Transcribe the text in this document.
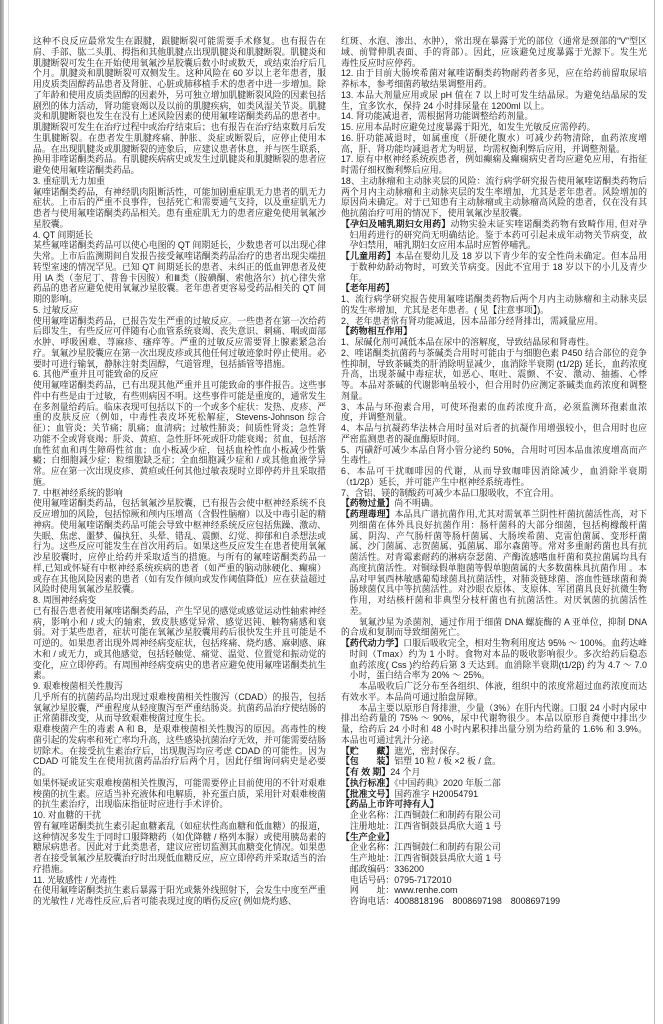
这种不良反应最常发生在跟腱，跟腱断裂可能需要手术修复。也有报告在肩、手部、肱二头肌、拇指和其他肌腱点出现肌腱炎和肌腱断裂。肌腱炎和肌腱断裂可发生在开始使用氧氟沙星胶囊后数小时或数天，或结束治疗后几个月。肌腱炎和肌腱断裂可双侧发生。这种风险在 60 岁以上老年患者，服用皮质类固醇药品患者及肾脏、心脏或肺移植手术的患者中进一步增加。除了年龄和使用皮质类固醇的因素外，另可独立增加肌腱断裂风险的因素包括剧烈的体力活动，肾功能衰竭以及以前的肌腱疾病，如类风湿关节炎。肌腱炎和肌腱断裂也发生在没有上述风险因素的使用氟喹诺酮类药品的患者中。肌腱断裂可发生在治疗过程中或治疗结束后；也有报告在治疗结束数月后发生肌腱断裂。在患者发生肌腱疼痛、肿胀、炎症或断裂后，应停止使用本品。在出现肌腱炎或肌腱断裂的迹象后，应建议患者休息，并与医生联系，换用非喹诺酮类药品。有肌腱疾病病史或发生过肌腱炎和肌腱断裂的患者应避免使用氟喹诺酮类药品。

3. 重症肌无力加重

氟喹诺酮类药品，有神经肌肉阻断活性，可能加剧重症肌无力患者的肌无力症状。上市后的严重不良事件，包括死亡和需要通气支持，以及重症肌无力患者与使用氟喹诺酮类药品相关。患有重症肌无力的患者应避免使用氧氟沙星胶囊。

4. QT 间期延长

某些氟喹诺酮类药品可以使心电图的 QT 间期延长，少数患者可以出现心律失常。上市后监测期间自发报告接受氟喹诺酮类药品治疗的患者出现尖端扭转型室速的情况罕见。已知 QT 间期延长的患者、未纠正的低血钾患者及使用 IA 类（奎尼丁、普鲁卡因胺）和Ⅲ类（胺碘酮、索他洛尔）抗心律失常药品的患者应避免使用氧氟沙星胶囊。老年患者更容易受药品相关的 QT 间期的影响。

5. 过敏反应

使用氟喹诺酮类药品，已报告发生严重的过敏反应。一些患者在第一次给药后即发生，有些反应可伴随有心血管系统衰竭、丧失意识、刺痛、咽或面部水肿、呼吸困难、荨麻疹、瘙痒等。严重的过敏反应需要肾上腺素紧急治疗。氧氟沙星胶囊应在第一次出现皮疹或其他任何过敏迹象时停止使用。必要时可进行输氧，静脉注射类固醇，气道管理，包括插管等措施。

6. 其他严重并且可能致命的反应

使用氟喹诺酮类药品，已有出现其他严重并且可能致命的事件报告。这些事件中有些是由于过敏，有些则病因不明。这些事件可能是重度的，通常发生在多剂量给药后。临床表现可包括以下的一个或多个症状：发热、皮疹、严重的皮肤反应（例如，中毒性表皮坏死松解症，Stevens-Johnson 综合征）；血管炎；关节痛；肌痛；血清病；过敏性肺炎；间质性肾炎；急性肾功能不全或肾衰竭；肝炎、黄疸、急性肝坏死或肝功能衰竭；贫血，包括溶血性贫血和再生障碍性贫血；血小板减少症，包括血栓性血小板减少性紫癜；白细胞减少症；粒细胞缺乏症；全血细胞减少症和 / 或其他血液学异常。应在第一次出现皮疹、黄疸或任何其他过敏表现时立即停药并且采取措施。

7. 中枢神经系统的影响

使用氟喹诺酮类药品，包括氧氟沙星胶囊，已有报告会使中枢神经系统不良反应增加的风险，包括惊厥和颅内压增高（含假性脑瘤）以及中毒引起的精神病。使用氟喹诺酮类药品可能会导致中枢神经系统反应包括焦躁、激动、失眠、焦虑、噩梦、偏执狂、头晕、错乱、震颤、幻觉、抑郁和自杀想法或行为。这些反应可能发生在首次用药后。如果这些反应发生在患者使用氧氟沙星胶囊时，应停止给药并采取适当的措施。与所有的氟喹诺酮类药品一样,已知或怀疑有中枢神经系统疾病的患者（如严重的脑动脉硬化、癫痫）或存在其他风险因素的患者（如有发作倾向或发作阈值降低）应在获益超过风险时使用氧氟沙星胶囊。

8. 周围神经病变

已有报告患者使用氟喹诺酮类药品，产生罕见的感觉或感觉运动性轴索神经病，影响小和 / 或大的轴索，致皮肤感觉异常、感觉迟钝、触物痛感和衰弱。对于某些患者，症状可能在氧氟沙星胶囊用药后很快发生并且可能是不可逆的。如果患者出现外周神经病变症状，包括疼痛、烧灼感、麻刺感、麻木和 / 或无力，或其他感觉，包括轻触觉、痛觉、温觉、位置觉和振动觉的变化，应立即停药。有周围神经病变病史的患者应避免使用氟喹诺酮类抗生素。

9. 艰难梭菌相关性腹泻

几乎所有的抗菌药品均出现过艰难梭菌相关性腹泻（CDAD）的报告，包括氧氟沙星胶囊，严重程度从轻度腹泻至严重结肠炎。抗菌药品治疗使结肠的正常菌群改变，从而导致艰难梭菌过度生长。

艰难梭菌产生的毒素 A 和 B，是艰难梭菌相关性腹泻的原因。高毒性的梭菌引起的发病率和死亡率均升高，这些感染抗菌治疗无效，并可能需要结肠切除术。在接受抗生素治疗后，出现腹泻均应考虑 CDAD 的可能性。因为 CDAD 可能发生在使用抗菌药品治疗后两个月，因此仔细询问病史是必要的。

如果怀疑或证实艰难梭菌相关性腹泻，可能需要停止目前使用的不针对艰难梭菌的抗生素。应适当补充液体和电解质，补充蛋白质，采用针对艰难梭菌的抗生素治疗，出现临床指征时应进行手术评价。

10. 对血糖的干扰

曾有氟喹诺酮类抗生素引起血糖紊乱（如症状性高血糖和低血糖）的报道，这种情况多发生于同时口服降糖药（如优降糖 / 格列本脲）或使用胰岛素的糖尿病患者。因此对于此类患者，建议应密切监测其血糖变化情况。如果患者在接受氧氟沙星胶囊治疗时出现低血糖反应，应立即停药并采取适当的治疗措施。

11. 光敏感性 / 光毒性

在使用氟喹诺酮类抗生素后暴露于阳光或紫外线照射下，会发生中度至严重的光敏性 / 光毒性反应,后者可能表现过度的晒伤反应( 例如烧灼感、

红斑、水泡、渗出、水肿），常出现在暴露于光的部位（通常是颈部的“V”型区域、前臂伸肌表面、手的背部）。因此，应该避免过度暴露于光源下。发生光毒性反应时应停药。

12. 由于目前大肠埃希菌对氟喹诺酮类药物耐药者多见，应在给药前留取尿培养标本，参考细菌药敏结果调整用药。

13. 本品大剂量应用或尿 pH 值在 7 以上时可发生结晶尿。为避免结晶尿的发生，宜多饮水，保持 24 小时排尿量在 1200ml 以上。

14. 肾功能减退者，需根据肾功能调整给药剂量。

15. 应用本品时应避免过度暴露于阳光，如发生光敏反应需停药。

16. 肝功能减退时，如属重度（肝硬化腹水）可减少药物清除，血药浓度增高，肝、肾功能均减退者尤为明显，均需权衡利弊后应用，并调整剂量。

17. 原有中枢神经系统疾患者，例如癫痫及癫痫病史者均应避免应用，有指征时需仔细权衡利弊后应用。

18、主动脉瘤和主动脉夹层的风险：流行病学研究报告使用氟喹诺酮类药物后两个月内主动脉瘤和主动脉夹层的发生率增加，尤其是老年患者。风险增加的原因尚未确定。对于已知患有主动脉瘤或主动脉瘤高风险的患者，仅在没有其他抗菌治疗可用的情况下，使用氧氟沙星胶囊。

【孕妇及哺乳期妇女用药】动物实验未证实喹诺酮类药物有致畸作用, 但对孕妇用药进行的研究尚无明确结论。鉴于本药可引起未成年动物关节病变，故孕妇禁用，哺乳期妇女应用本品时应暂停哺乳。

【儿童用药】本品在婴幼儿及 18 岁以下青少年的安全性尚未确定。但本品用于数种幼龄动物时，可致关节病变。因此不宜用于 18 岁以下的小儿及青少年。

【老年用药】

1、流行病学研究报告使用氟喹诺酮类药物后两个月内主动脉瘤和主动脉夹层的发生率增加，尤其是老年患者。( 见【注意事项】)。

2、老年患者常有肾功能减退，因本品部分经肾排出，需减量应用。

【药物相互作用】

1、尿碱化剂可减低本品在尿中的溶解度，导致结晶尿和肾毒性。

2、喹诺酮类抗菌药与茶碱类合用时可能由于与细胞色素 P450 结合部位的竞争性抑制，导致茶碱类的肝消除明显减少，血消除半衰期 (t1/2β) 延长，血药浓度升高，出现茶碱中毒症状，如恶心、呕吐、震颤、不安、激动、抽搐、心悸等。本品对茶碱的代谢影响虽较小，但合用时仍应测定茶碱类血药浓度和调整剂量。

3、本品与环孢素合用，可使环孢素的血药浓度升高，必须监测环孢素血浓度，并调整剂量。

4、本品与抗凝药华法林合用时虽对后者的抗凝作用增强较小，但合用时也应严密监测患者的凝血酶原时间。

5、丙磺舒可减少本品自肾小管分泌约 50%，合用时可因本品血浓度增高而产生毒性。

6、本品可干扰咖啡因的代谢，从而导致咖啡因消除减少，血消除半衰期（t1/2β）延长，并可能产生中枢神经系统毒性。

7、含铝、镁的制酸药可减少本品口服吸收，不宜合用。

【药物过量】尚不明确。

【药理毒理】本品具广谱抗菌作用,尤其对需氧革兰阴性杆菌抗菌活性高，对下列细菌在体外具良好抗菌作用：肠杆菌科的大部分细菌，包括枸橼酸杆菌属、阴沟、产气肠杆菌等肠杆菌属、大肠埃希菌、克雷伯菌属、变形杆菌属、沙门菌属、志贺菌属、弧菌属、耶尔森菌等。常对多重耐药菌也具有抗菌活性。对青霉素耐药的淋病奈瑟菌、产酶流感嗜血杆菌和莫拉菌属均具有高度抗菌活性。对铜绿假单胞菌等假单胞菌属的大多数菌株具抗菌作用 。本品对甲氧西林敏感葡萄球菌具抗菌活性，对肺炎链球菌、溶血性链球菌和粪肠球菌仅具中等抗菌活性。对沙眼衣原体、支原体、军团菌具良好抗微生物作用，对结核杆菌和非典型分枝杆菌也有抗菌活性。对厌氧菌的抗菌活性差。

氧氟沙星为杀菌剂，通过作用于细菌 DNA 螺旋酶的 A 亚单位，抑制 DNA 的合成和复制而导致细菌死亡。

【药代动力学】口服后吸收完全，相对生物利用度达 95% ～ 100%。血药达峰时间（Tmax）约为 1 小时。食物对本品的吸收影响很少。多次给药后稳态血药浓度( Css )约给药后第 3 天达到。血消除半衰期(t1/2β) 约为 4.7 ～ 7.0 小时，蛋白结合率为 20% ～ 25%。

本品吸收后广泛分布至各组织、体液，组织中的浓度常超过血药浓度而达有效水平。本品尚可通过胎盘屏障。

本品主要以原形自肾排泄，少量（3%）在肝内代谢。口服 24 小时内尿中排出给药量的 75% ～ 90%，尿中代谢物很少。本品以原形自粪便中排出少量，给药后 24 小时和 48 小时内累积排出量分别为给药量的 1.6% 和 3.9%。本品也可通过乳汁分泌。

【贮　　藏】遮光，密封保存。

【包　　装】铝塑 10 粒 / 板 ×2 板 / 盒。

【有 效 期】24 个月

【执行标准】《中国药典》2020 年版二部

【批准文号】国药准字 H20054791

【药品上市许可持有人】

企业名称：江西铜鼓仁和制药有限公司

注册地址：江西省铜鼓县禹欣大道 1 号

【生产企业】

企业名称：江西铜鼓仁和制药有限公司

生产地址：江西省铜鼓县禹欣大道 1 号

邮政编码：336200

电话号码：0795-7172010

网　　址：www.renhe.com

咨询电话：4008818196　8008697198　8008697199
